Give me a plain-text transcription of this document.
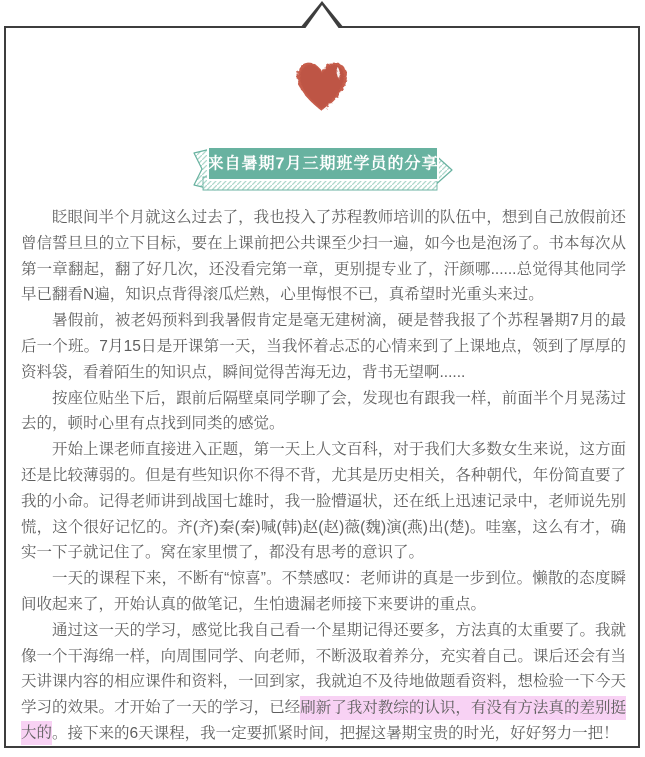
来自暑期7月三期班学员的分享

眨眼间半个月就这么过去了，我也投入了苏程教师培训的队伍中，想到自己放假前还曾信誓旦旦的立下目标，要在上课前把公共课至少扫一遍，如今也是泡汤了。书本每次从第一章翻起，翻了好几次，还没看完第一章，更别提专业了，汗颜哪......总觉得其他同学早已翻看N遍，知识点背得滚瓜烂熟，心里悔恨不已，真希望时光重头来过。

暑假前，被老妈预料到我暑假肯定是毫无建树滴，硬是替我报了个苏程暑期7月的最后一个班。7月15日是开课第一天，当我怀着忐忑的心情来到了上课地点，领到了厚厚的资料袋，看着陌生的知识点，瞬间觉得苦海无边，背书无望啊......

按座位贴坐下后，跟前后隔壁桌同学聊了会，发现也有跟我一样，前面半个月晃荡过去的，顿时心里有点找到同类的感觉。

开始上课老师直接进入正题，第一天上人文百科，对于我们大多数女生来说，这方面还是比较薄弱的。但是有些知识你不得不背，尤其是历史相关，各种朝代，年份简直要了我的小命。记得老师讲到战国七雄时，我一脸懵逼状，还在纸上迅速记录中，老师说先别慌，这个很好记忆的。齐(齐)秦(秦)喊(韩)赵(赵)薇(魏)演(燕)出(楚)。哇塞，这么有才，确实一下子就记住了。窝在家里惯了，都没有思考的意识了。

一天的课程下来，不断有“惊喜”。不禁感叹：老师讲的真是一步到位。懒散的态度瞬间收起来了，开始认真的做笔记，生怕遗漏老师接下来要讲的重点。

通过这一天的学习，感觉比我自己看一个星期记得还要多，方法真的太重要了。我就像一个干海绵一样，向周围同学、向老师，不断汲取着养分，充实着自己。课后还会有当天讲课内容的相应课件和资料，一回到家，我就迫不及待地做题看资料，想检验一下今天学习的效果。才开始了一天的学习，已经刷新了我对教综的认识，有没有方法真的差别挺大的。接下来的6天课程，我一定要抓紧时间，把握这暑期宝贵的时光，好好努力一把！
